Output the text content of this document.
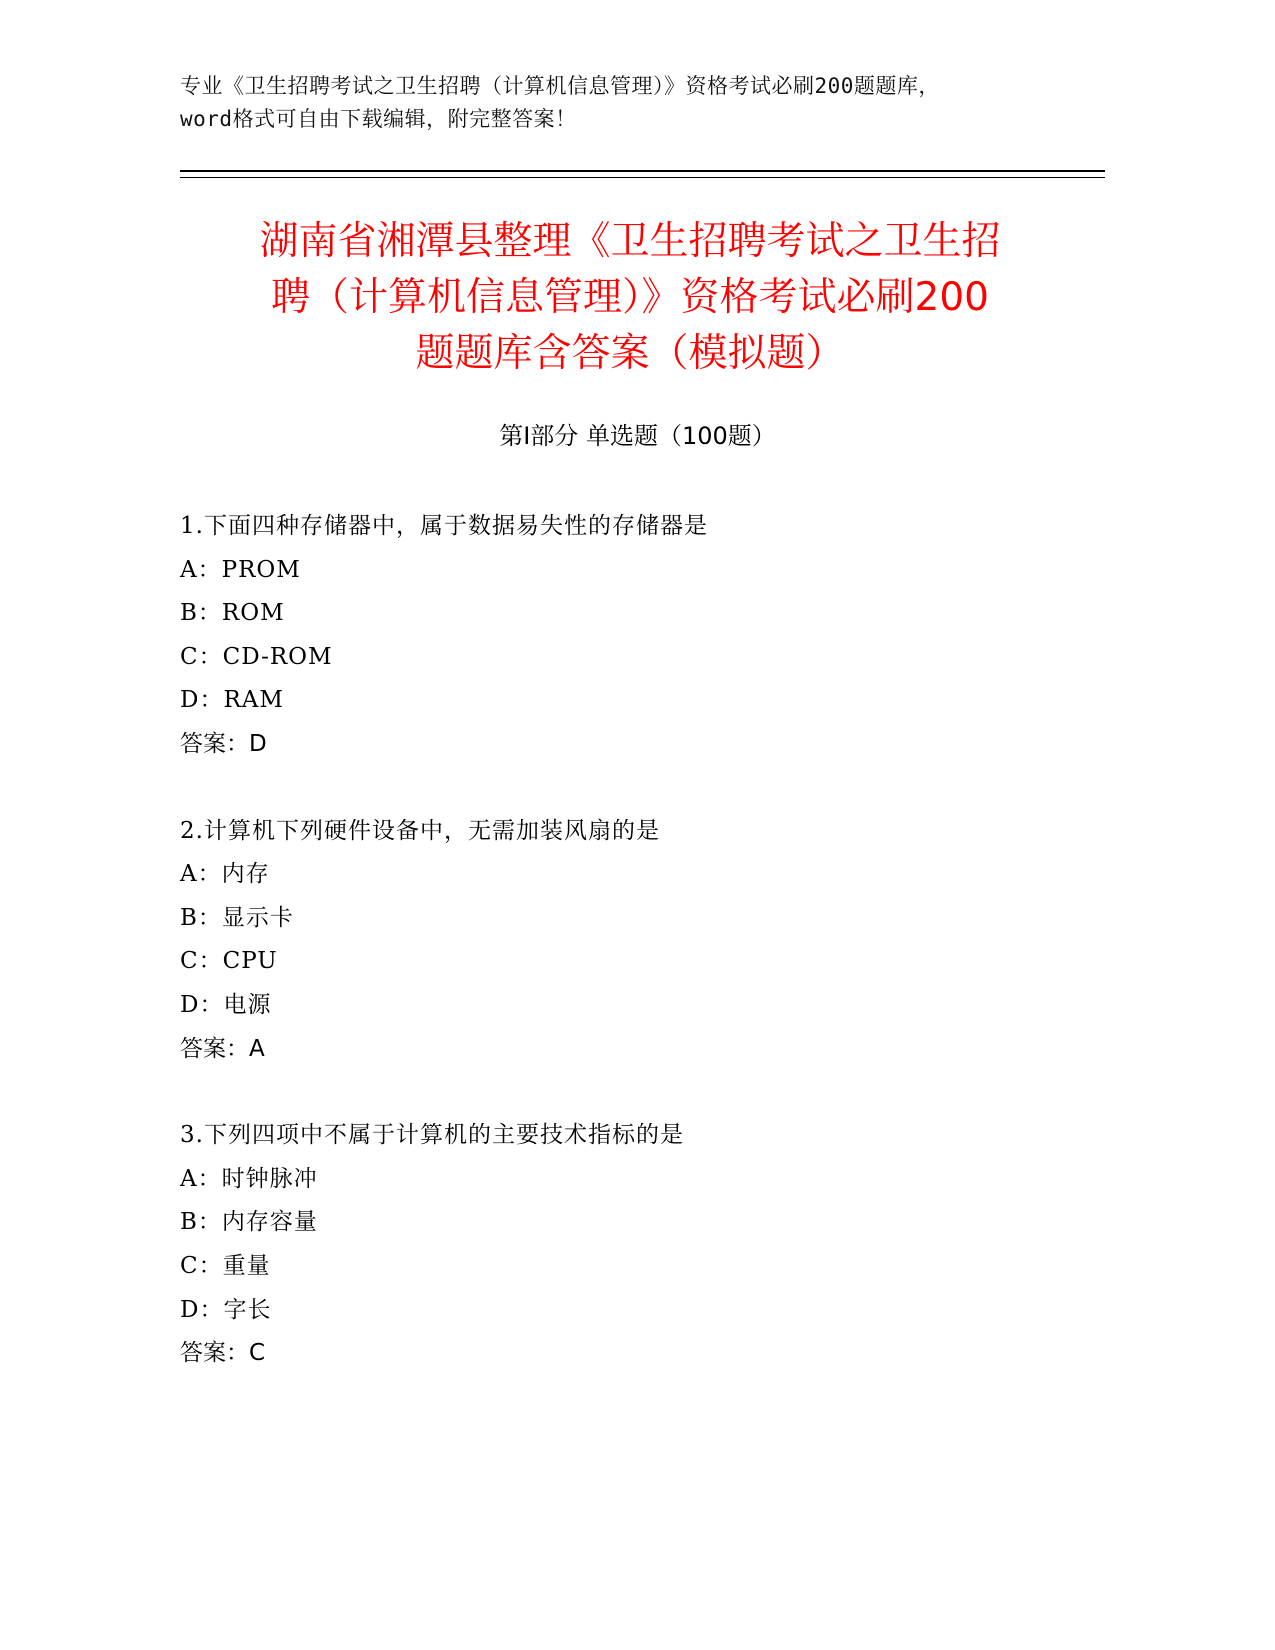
专业《卫生招聘考试之卫生招聘（计算机信息管理）》资格考试必刷200题题库，
word格式可自由下载编辑，附完整答案！
湖南省湘潭县整理《卫生招聘考试之卫生招
聘（计算机信息管理）》资格考试必刷200
题题库含答案（模拟题）
第Ⅰ部分 单选题（100题）
1.下面四种存储器中，属于数据易失性的存储器是
A：PROM
B：ROM
C：CD-ROM
D：RAM
答案：D
2.计算机下列硬件设备中，无需加装风扇的是
A：内存
B：显示卡
C：CPU
D：电源
答案：A
3.下列四项中不属于计算机的主要技术指标的是
A：时钟脉冲
B：内存容量
C：重量
D：字长
答案：C
